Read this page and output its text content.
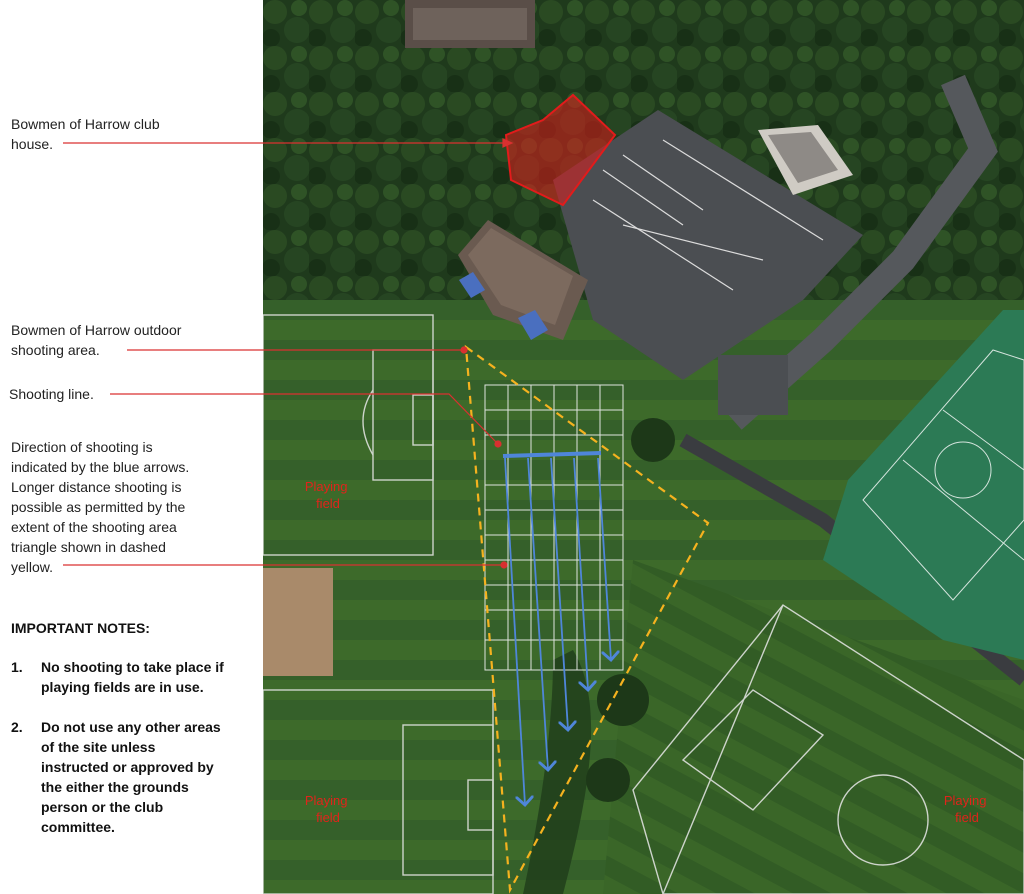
Bowmen of Harrow club
house.
Bowmen of Harrow outdoor
shooting area.
Shooting line.
Direction of shooting is
indicated by the blue arrows.
Longer distance shooting is
possible as permitted by the
extent of the shooting area
triangle shown in dashed
yellow.
IMPORTANT NOTES:
1. No shooting to take place if
playing fields are in use.
2. Do not use any other areas
of the site unless
instructed or approved by
the either the grounds
person or the club
committee.
Playing field
Playing field
Playing field
